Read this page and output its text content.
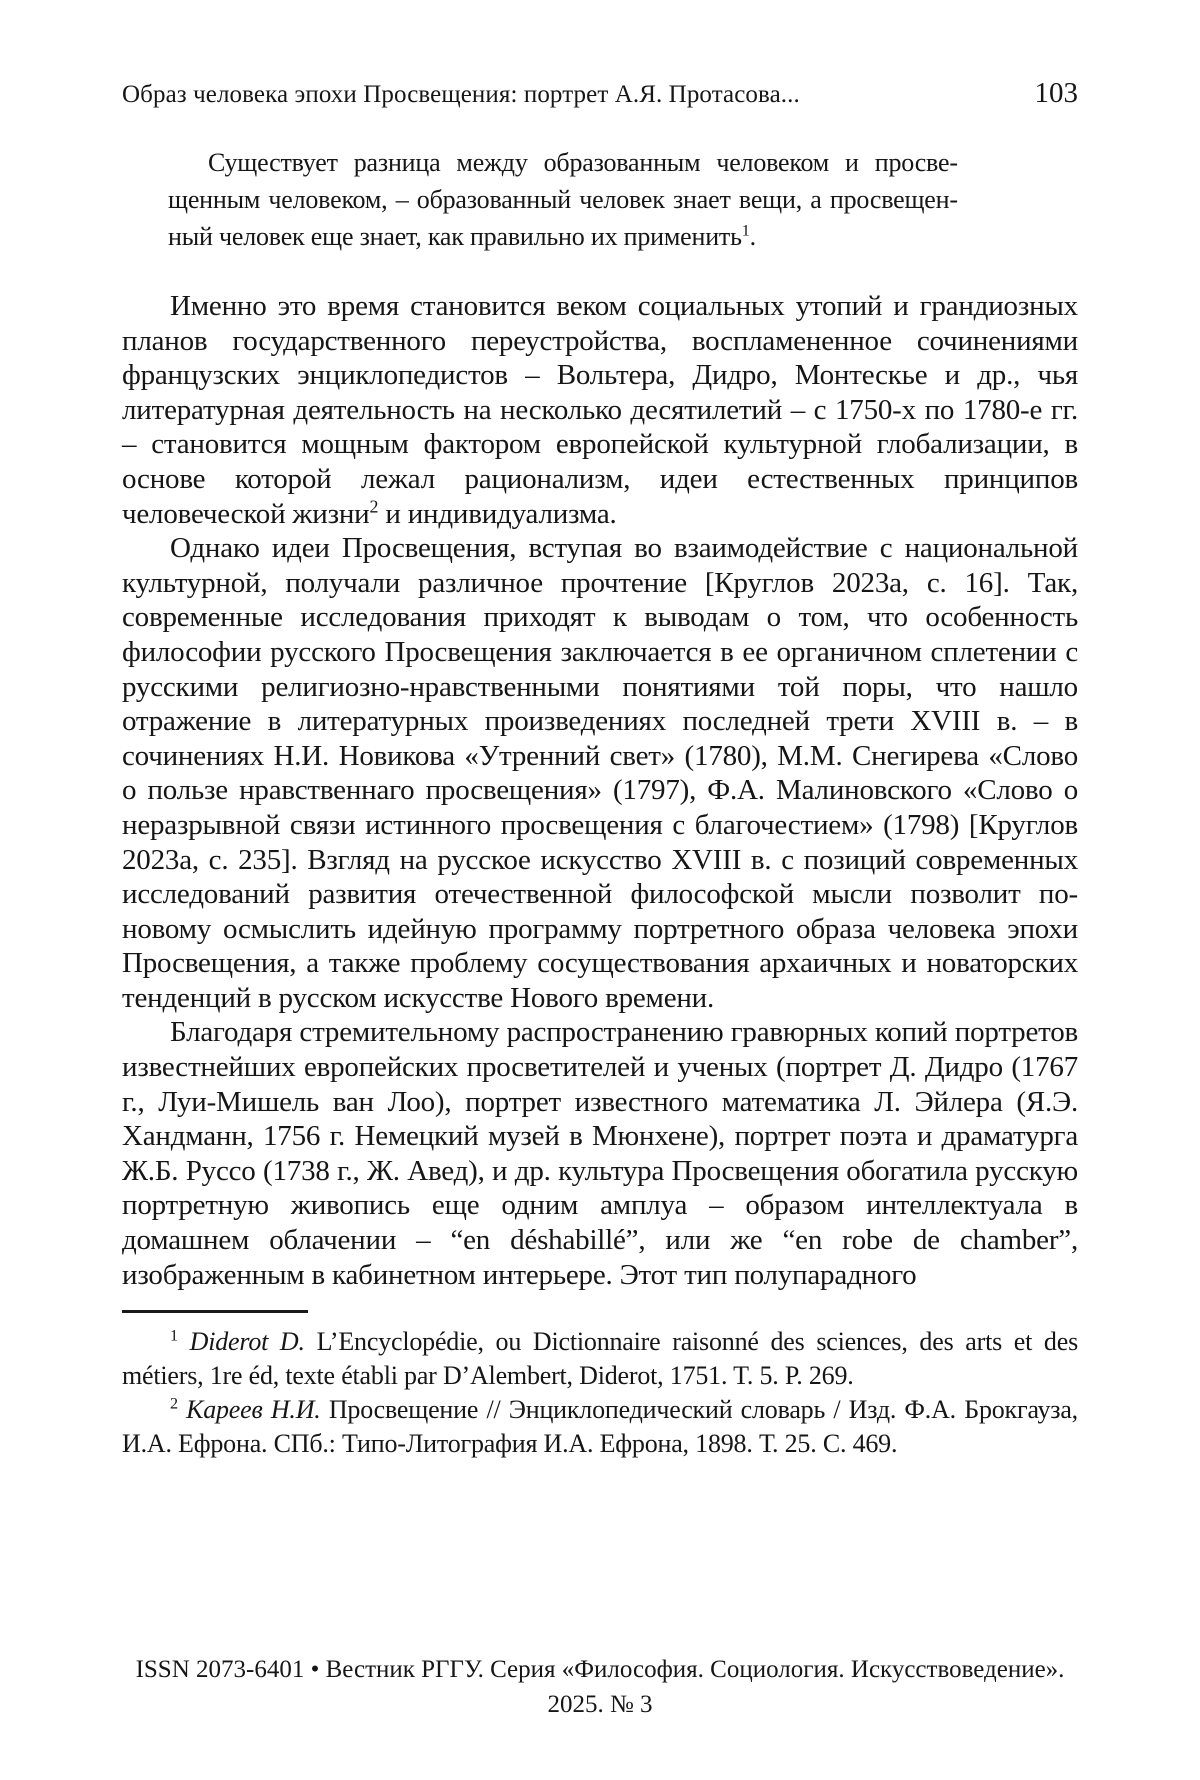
Образ человека эпохи Просвещения: портрет А.Я. Протасова...	103
Существует разница между образованным человеком и просвещенным человеком, – образованный человек знает вещи, а просвещенный человек еще знает, как правильно их применить$^1$.

Именно это время становится веком социальных утопий и грандиозных планов государственного переустройства, воспламененное сочинениями французских энциклопедистов – Вольтера, Дидро, Монтескье и др., чья литературная деятельность на несколько десятилетий – с 1750-х по 1780-е гг. – становится мощным фактором европейской культурной глобализации, в основе которой лежал рационализм, идеи естественных принципов человеческой жизни$^2$ и индивидуализма.

Однако идеи Просвещения, вступая во взаимодействие с национальной культурной, получали различное прочтение [Круглов 2023а, с. 16]. Так, современные исследования приходят к выводам о том, что особенность философии русского Просвещения заключается в ее органичном сплетении с русскими религиозно-нравственными понятиями той поры, что нашло отражение в литературных произведениях последней трети XVIII в. – в сочинениях Н.И. Новикова «Утренний свет» (1780), М.М. Снегирева «Слово о пользе нравственнаго просвещения» (1797), Ф.А. Малиновского «Слово о неразрывной связи истинного просвещения с благочестием» (1798) [Круглов 2023а, с. 235]. Взгляд на русское искусство XVIII в. с позиций современных исследований развития отечественной философской мысли позволит по-новому осмыслить идейную программу портретного образа человека эпохи Просвещения, а также проблему сосуществования архаичных и новаторских тенденций в русском искусстве Нового времени.

Благодаря стремительному распространению гравюрных копий портретов известнейших европейских просветителей и ученых (портрет Д. Дидро (1767 г., Луи-Мишель ван Лоо), портрет известного математика Л. Эйлера (Я.Э. Хандманн, 1756 г. Немецкий музей в Мюнхене), портрет поэта и драматурга Ж.Б. Руссо (1738 г., Ж. Авед), и др. культура Просвещения обогатила русскую портретную живопись еще одним амплуа – образом интеллектуала в домашнем облачении – “en déshabillé”, или же “en robe de chamber”, изображенным в кабинетном интерьере. Этот тип полупарадного

$^1$ Diderot D. L’Encyclopédie, ou Dictionnaire raisonné des sciences, des arts et des métiers, 1re éd, texte établi par D’Alembert, Diderot, 1751. T. 5. P. 269.

$^2$ Кареев Н.И. Просвещение // Энциклопедический словарь / Изд. Ф.А. Брокгауза, И.А. Ефрона. СПб.: Типо-Литография И.А. Ефрона, 1898. Т. 25. С. 469.

ISSN 2073-6401 • Вестник РГГУ. Серия «Философия. Социология. Искусствоведение».
2025. № 3
